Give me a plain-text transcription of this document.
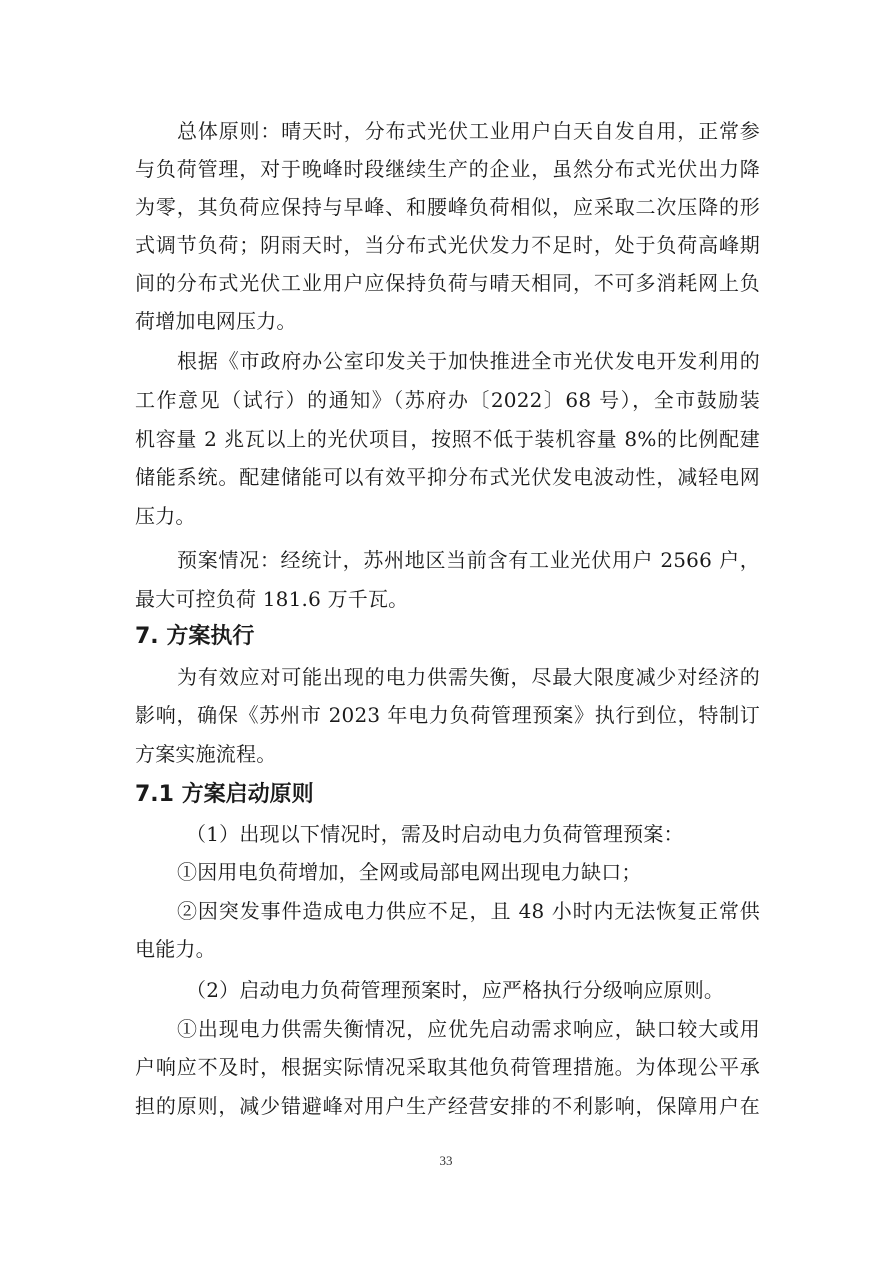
总体原则：晴天时，分布式光伏工业用户白天自发自用，正常参
与负荷管理，对于晚峰时段继续生产的企业，虽然分布式光伏出力降
为零，其负荷应保持与早峰、和腰峰负荷相似，应采取二次压降的形
式调节负荷；阴雨天时，当分布式光伏发力不足时，处于负荷高峰期
间的分布式光伏工业用户应保持负荷与晴天相同，不可多消耗网上负
荷增加电网压力。
根据《市政府办公室印发关于加快推进全市光伏发电开发利用的
工作意见（试行）的通知》（苏府办〔2022〕68 号），全市鼓励装
机容量 2 兆瓦以上的光伏项目，按照不低于装机容量 8%的比例配建
储能系统。配建储能可以有效平抑分布式光伏发电波动性，减轻电网
压力。
预案情况：经统计，苏州地区当前含有工业光伏用户 2566 户，
最大可控负荷 181.6 万千瓦。
7. 方案执行
为有效应对可能出现的电力供需失衡，尽最大限度减少对经济的
影响，确保《苏州市 2023 年电力负荷管理预案》执行到位，特制订
方案实施流程。
7.1 方案启动原则
（1）出现以下情况时，需及时启动电力负荷管理预案：
①因用电负荷增加，全网或局部电网出现电力缺口；
②因突发事件造成电力供应不足，且 48 小时内无法恢复正常供
电能力。
（2）启动电力负荷管理预案时，应严格执行分级响应原则。
①出现电力供需失衡情况，应优先启动需求响应，缺口较大或用
户响应不及时，根据实际情况采取其他负荷管理措施。为体现公平承
担的原则，减少错避峰对用户生产经营安排的不利影响，保障用户在
33
